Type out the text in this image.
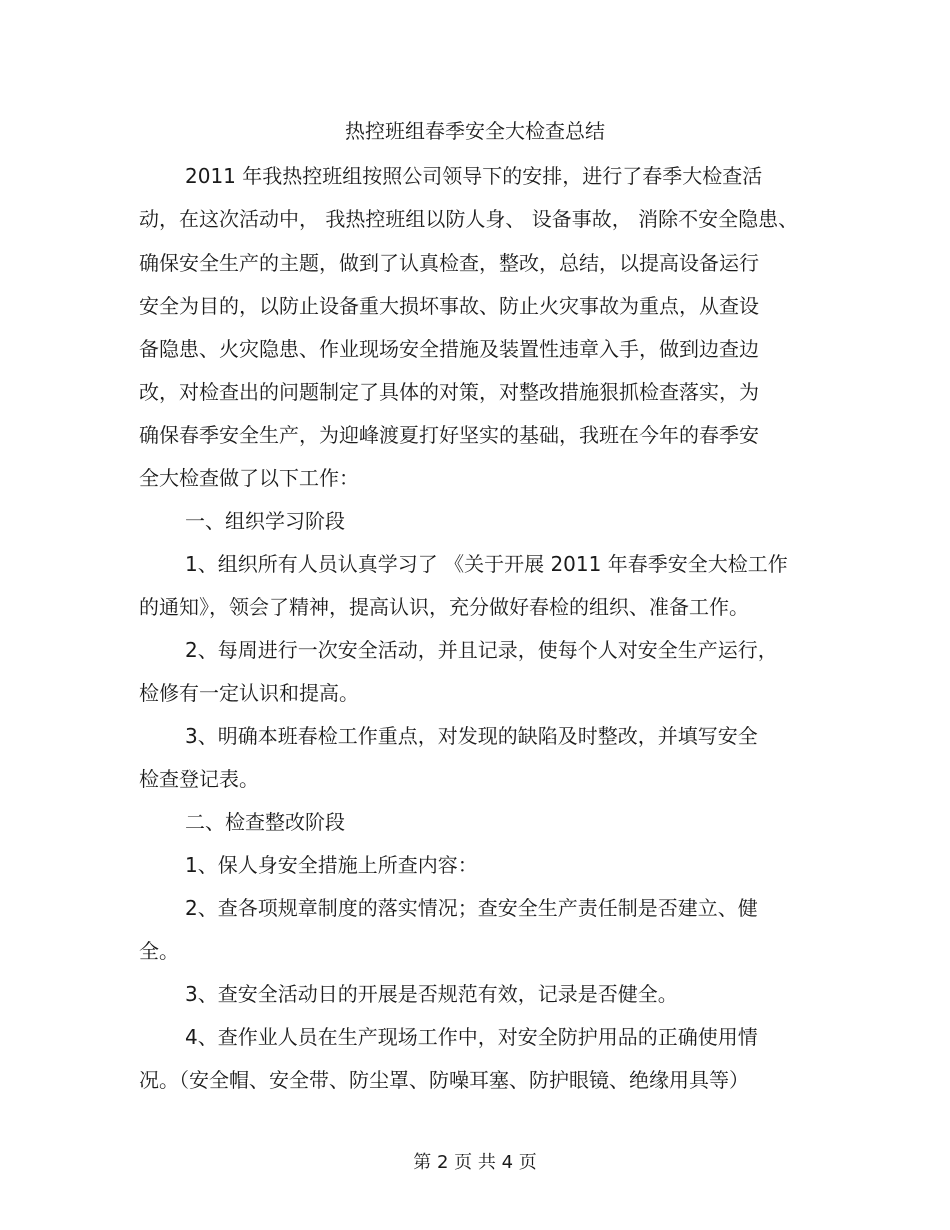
热控班组春季安全大检查总结
2011 年我热控班组按照公司领导下的安排，进行了春季大检查活
动，在这次活动中， 我热控班组以防人身、 设备事故， 消除不安全隐患、
确保安全生产的主题，做到了认真检查，整改，总结，以提高设备运行
安全为目的，以防止设备重大损坏事故、防止火灾事故为重点，从查设
备隐患、火灾隐患、作业现场安全措施及装置性违章入手，做到边查边
改，对检查出的问题制定了具体的对策，对整改措施狠抓检查落实，为
确保春季安全生产，为迎峰渡夏打好坚实的基础，我班在今年的春季安
全大检查做了以下工作：
一、组织学习阶段
1、组织所有人员认真学习了 《关于开展 2011 年春季安全大检工作
的通知》，领会了精神，提高认识，充分做好春检的组织、准备工作。
2、每周进行一次安全活动，并且记录，使每个人对安全生产运行，
检修有一定认识和提高。
3、明确本班春检工作重点，对发现的缺陷及时整改，并填写安全
检查登记表。
二、检查整改阶段
1、保人身安全措施上所查内容：
2、查各项规章制度的落实情况；查安全生产责任制是否建立、健
全。
3、查安全活动日的开展是否规范有效，记录是否健全。
4、查作业人员在生产现场工作中，对安全防护用品的正确使用情
况。（安全帽、安全带、防尘罩、防噪耳塞、防护眼镜、绝缘用具等）
第 2 页 共 4 页
